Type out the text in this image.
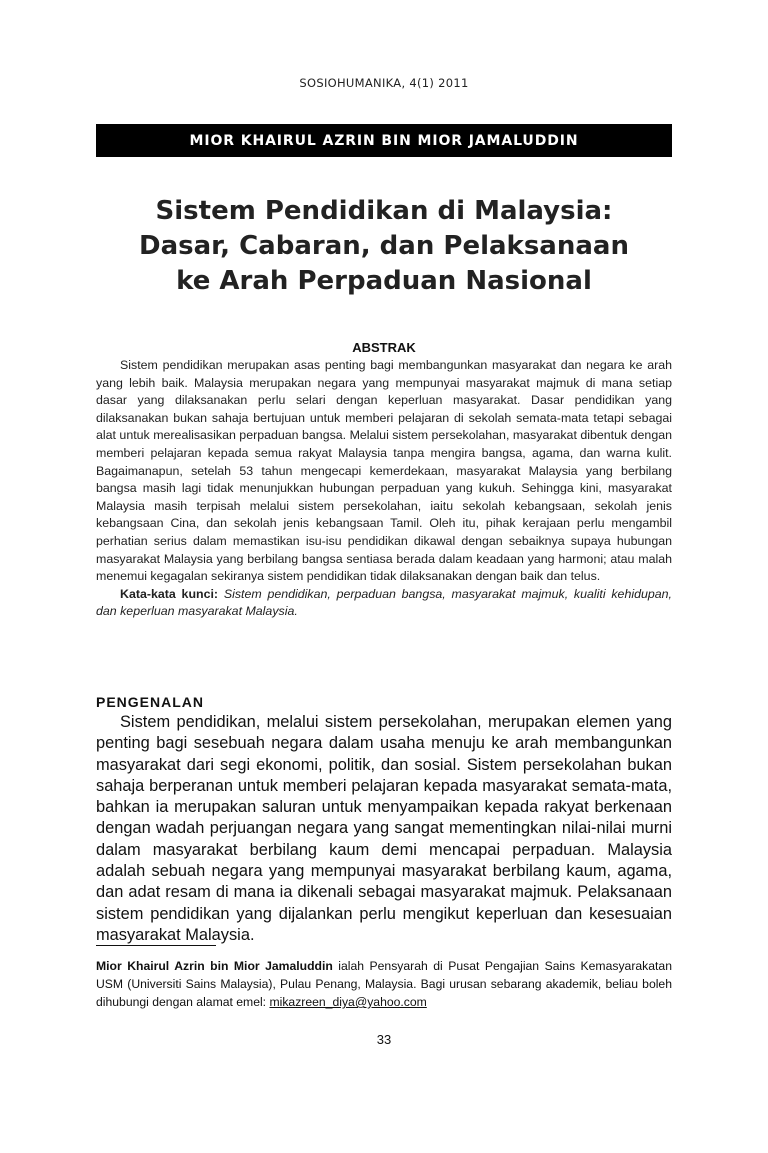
SOSIOHUMANIKA, 4(1) 2011
MIOR KHAIRUL AZRIN BIN MIOR JAMALUDDIN
Sistem Pendidikan di Malaysia:
Dasar, Cabaran, dan Pelaksanaan
ke Arah Perpaduan Nasional
ABSTRAK

Sistem pendidikan merupakan asas penting bagi membangunkan masyarakat dan negara ke arah yang lebih baik. Malaysia merupakan negara yang mempunyai masyarakat majmuk di mana setiap dasar yang dilaksanakan perlu selari dengan keperluan masyarakat. Dasar pendidikan yang dilaksanakan bukan sahaja bertujuan untuk memberi pelajaran di sekolah semata-mata tetapi sebagai alat untuk merealisasikan perpaduan bangsa. Melalui sistem persekolahan, masyarakat dibentuk dengan memberi pelajaran kepada semua rakyat Malaysia tanpa mengira bangsa, agama, dan warna kulit. Bagaimanapun, setelah 53 tahun mengecapi kemerdekaan, masyarakat Malaysia yang berbilang bangsa masih lagi tidak menunjukkan hubungan perpaduan yang kukuh. Sehingga kini, masyarakat Malaysia masih terpisah melalui sistem persekolahan, iaitu sekolah kebangsaan, sekolah jenis kebangsaan Cina, dan sekolah jenis kebangsaan Tamil. Oleh itu, pihak kerajaan perlu mengambil perhatian serius dalam memastikan isu-isu pendidikan dikawal dengan sebaiknya supaya hubungan masyarakat Malaysia yang berbilang bangsa sentiasa berada dalam keadaan yang harmoni; atau malah menemui kegagalan sekiranya sistem pendidikan tidak dilaksanakan dengan baik dan telus.

Kata-kata kunci: Sistem pendidikan, perpaduan bangsa, masyarakat majmuk, kualiti kehidupan, dan keperluan masyarakat Malaysia.

PENGENALAN

Sistem pendidikan, melalui sistem persekolahan, merupakan elemen yang penting bagi sesebuah negara dalam usaha menuju ke arah membangunkan masyarakat dari segi ekonomi, politik, dan sosial. Sistem persekolahan bukan sahaja berperanan untuk memberi pelajaran kepada masyarakat semata-mata, bahkan ia merupakan saluran untuk menyampaikan kepada rakyat berkenaan dengan wadah perjuangan negara yang sangat mementingkan nilai-nilai murni dalam masyarakat berbilang kaum demi mencapai perpaduan. Malaysia adalah sebuah negara yang mempunyai masyarakat berbilang kaum, agama, dan adat resam di mana ia dikenali sebagai masyarakat majmuk. Pelaksanaan sistem pendidikan yang dijalankan perlu mengikut keperluan dan kesesuaian masyarakat Malaysia.

Mior Khairul Azrin bin Mior Jamaluddin ialah Pensyarah di Pusat Pengajian Sains Kemasyarakatan USM (Universiti Sains Malaysia), Pulau Penang, Malaysia. Bagi urusan sebarang akademik, beliau boleh dihubungi dengan alamat emel: mikazreen_diya@yahoo.com

33
